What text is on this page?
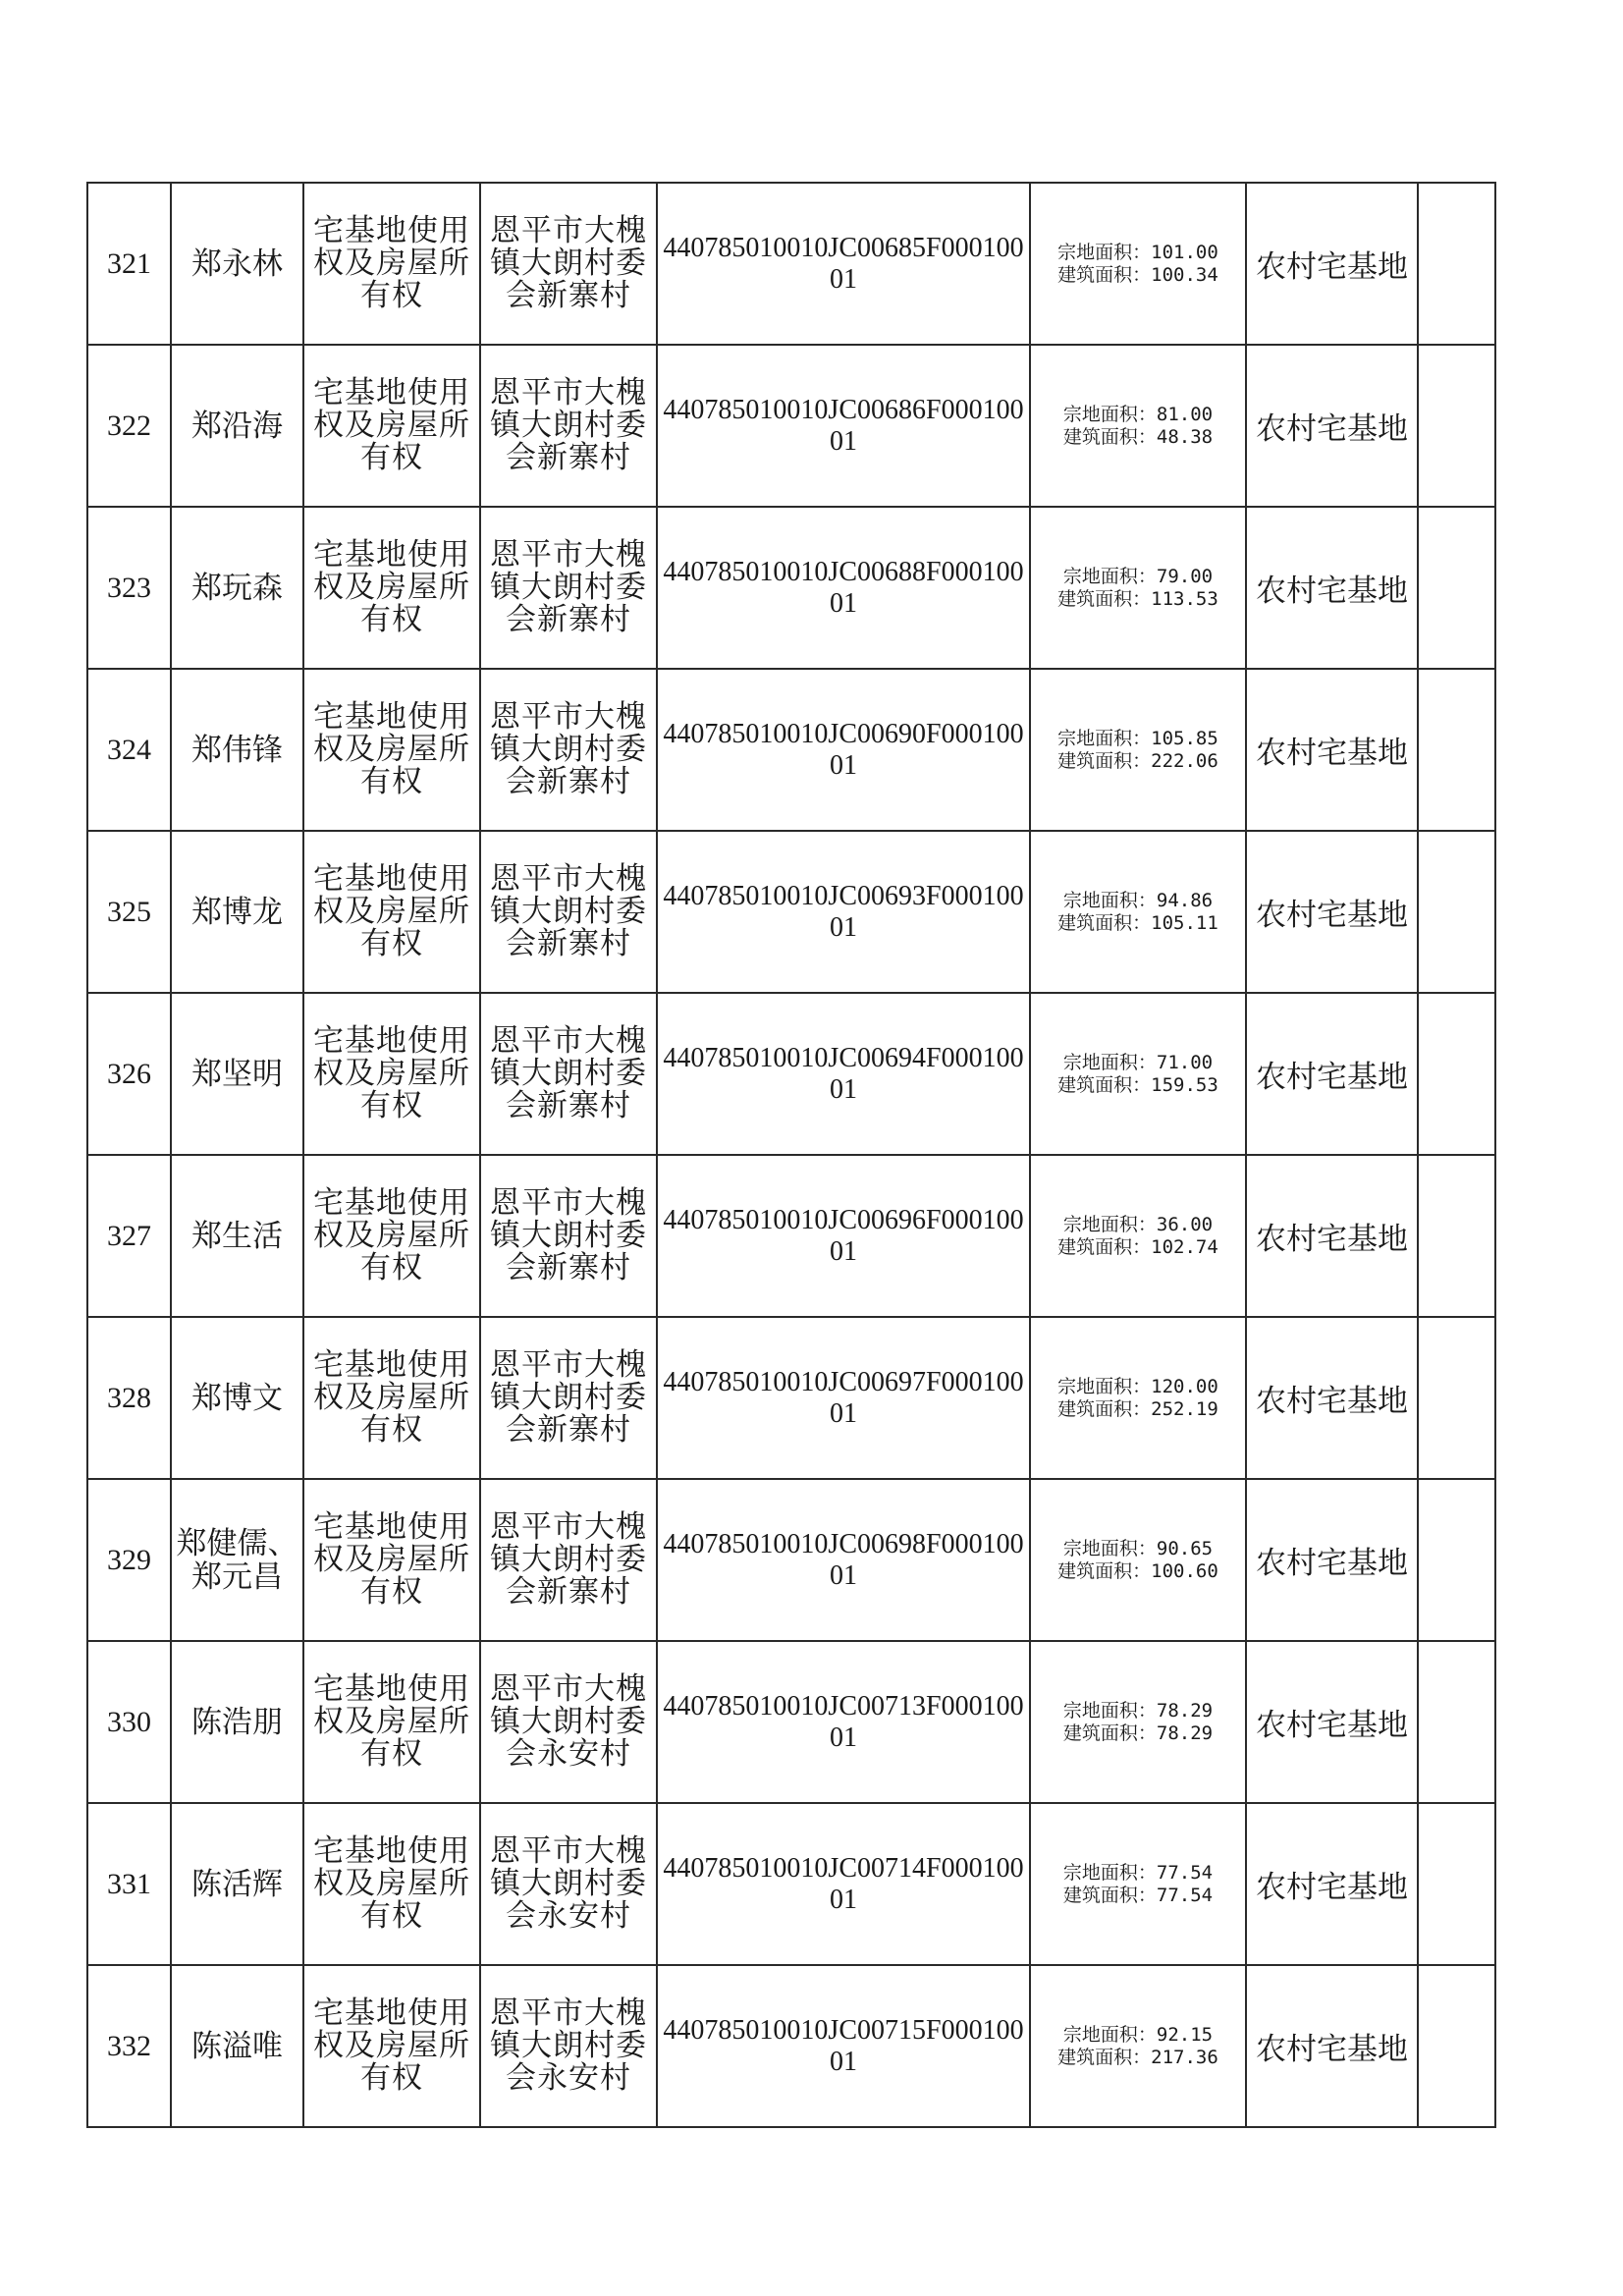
321	郑永林	宅基地使用权及房屋所有权	恩平市大槐镇大朗村委会新寨村	440785010010JC00685F00010001	宗地面积：101.00
建筑面积：100.34	农村宅基地	
322	郑沿海	宅基地使用权及房屋所有权	恩平市大槐镇大朗村委会新寨村	440785010010JC00686F00010001	宗地面积：81.00
建筑面积：48.38	农村宅基地	
323	郑玩森	宅基地使用权及房屋所有权	恩平市大槐镇大朗村委会新寨村	440785010010JC00688F00010001	宗地面积：79.00
建筑面积：113.53	农村宅基地	
324	郑伟锋	宅基地使用权及房屋所有权	恩平市大槐镇大朗村委会新寨村	440785010010JC00690F00010001	宗地面积：105.85
建筑面积：222.06	农村宅基地	
325	郑博龙	宅基地使用权及房屋所有权	恩平市大槐镇大朗村委会新寨村	440785010010JC00693F00010001	宗地面积：94.86
建筑面积：105.11	农村宅基地	
326	郑坚明	宅基地使用权及房屋所有权	恩平市大槐镇大朗村委会新寨村	440785010010JC00694F00010001	宗地面积：71.00
建筑面积：159.53	农村宅基地	
327	郑生活	宅基地使用权及房屋所有权	恩平市大槐镇大朗村委会新寨村	440785010010JC00696F00010001	宗地面积：36.00
建筑面积：102.74	农村宅基地	
328	郑博文	宅基地使用权及房屋所有权	恩平市大槐镇大朗村委会新寨村	440785010010JC00697F00010001	宗地面积：120.00
建筑面积：252.19	农村宅基地	
329	郑健儒、郑元昌	宅基地使用权及房屋所有权	恩平市大槐镇大朗村委会新寨村	440785010010JC00698F00010001	宗地面积：90.65
建筑面积：100.60	农村宅基地	
330	陈浩朋	宅基地使用权及房屋所有权	恩平市大槐镇大朗村委会永安村	440785010010JC00713F00010001	宗地面积：78.29
建筑面积：78.29	农村宅基地	
331	陈活辉	宅基地使用权及房屋所有权	恩平市大槐镇大朗村委会永安村	440785010010JC00714F00010001	宗地面积：77.54
建筑面积：77.54	农村宅基地	
332	陈溢唯	宅基地使用权及房屋所有权	恩平市大槐镇大朗村委会永安村	440785010010JC00715F00010001	宗地面积：92.15
建筑面积：217.36	农村宅基地	
